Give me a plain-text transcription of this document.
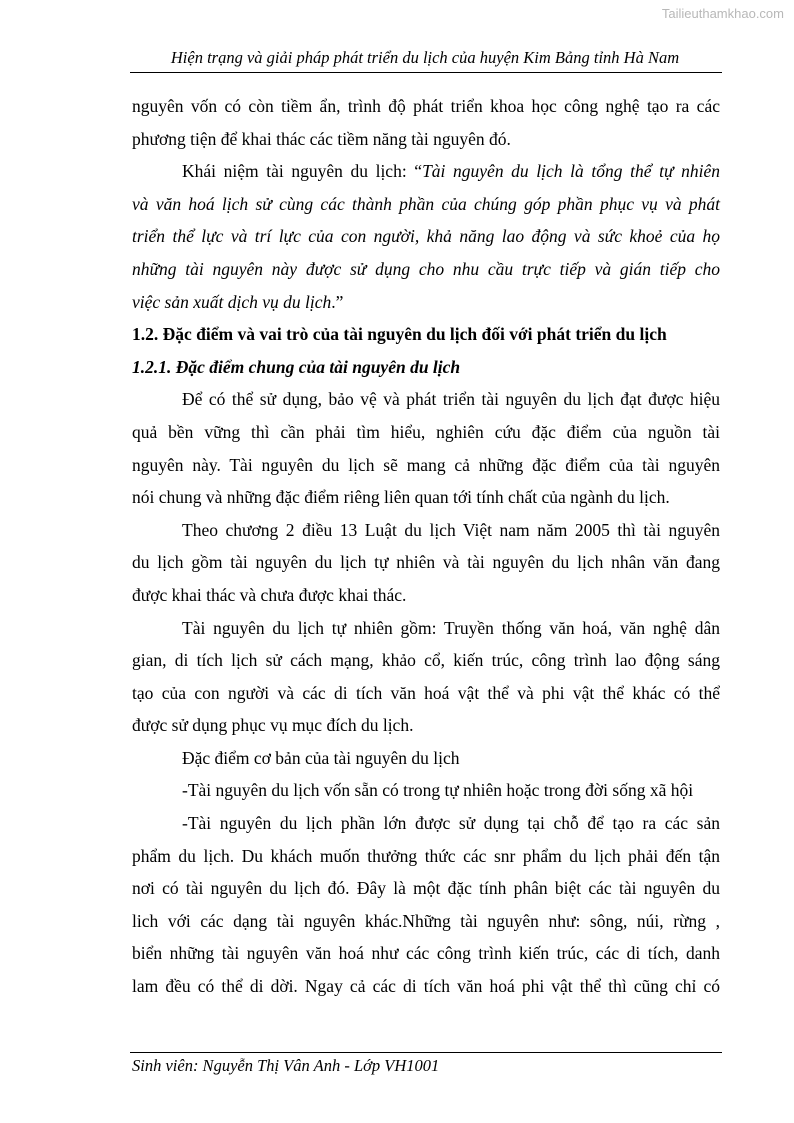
Tailieuthamkhao.com
Hiện trạng và giải pháp phát triển du lịch của huyện Kim Bảng tỉnh Hà Nam
nguyên vốn có còn tiềm ẩn, trình độ phát triển khoa học công nghệ tạo ra các
phương tiện để khai thác các tiềm năng tài nguyên đó.
Khái niệm tài nguyên du lịch: “Tài nguyên du lịch là tổng thể tự nhiên
và văn hoá lịch sử cùng các thành phần của chúng góp phần phục vụ và phát
triển thể lực và trí lực của con người, khả năng lao động và sức khoẻ của họ
những tài nguyên này được sử dụng cho nhu cầu trực tiếp và gián tiếp cho
việc sản xuất dịch vụ du lịch.”
1.2. Đặc điểm và vai trò của tài nguyên du lịch đối với phát triển du lịch
1.2.1. Đặc điểm chung của tài nguyên du lịch
Để có thể sử dụng, bảo vệ và phát triển tài nguyên du lịch đạt được hiệu
quả bền vững thì cần phải tìm hiểu, nghiên cứu đặc điểm của nguồn tài
nguyên này. Tài nguyên du lịch sẽ mang cả những đặc điểm của tài nguyên
nói chung và những đặc điểm riêng liên quan tới tính chất của ngành du lịch.
Theo chương 2 điều 13 Luật du lịch Việt nam năm 2005 thì tài nguyên
du lịch gồm tài nguyên du lịch tự nhiên và tài nguyên du lịch nhân văn đang
được khai thác và chưa được khai thác.
Tài nguyên du lịch tự nhiên gồm: Truyền thống văn hoá, văn nghệ dân
gian, di tích lịch sử cách mạng, khảo cổ, kiến trúc, công trình lao động sáng
tạo của con người và các di tích văn hoá vật thể và phi vật thể khác có thể
được sử dụng phục vụ mục đích du lịch.
Đặc điểm cơ bản của tài nguyên du lịch
-Tài nguyên du lịch vốn sẵn có trong tự nhiên hoặc trong đời sống xã hội
-Tài nguyên du lịch phần lớn được sử dụng tại chỗ để tạo ra các sản
phẩm du lịch. Du khách muốn thưởng thức các snr phẩm du lịch phải đến tận
nơi có tài nguyên du lịch đó. Đây là một đặc tính phân biệt các tài nguyên du
lich với các dạng tài nguyên khác.Những tài nguyên như: sông, núi, rừng ,
biển những tài nguyên văn hoá như các công trình kiến trúc, các di tích, danh
lam đều có thể di dời. Ngay cả các di tích văn hoá phi vật thể thì cũng chỉ có
Sinh viên: Nguyễn Thị Vân Anh - Lớp VH1001
